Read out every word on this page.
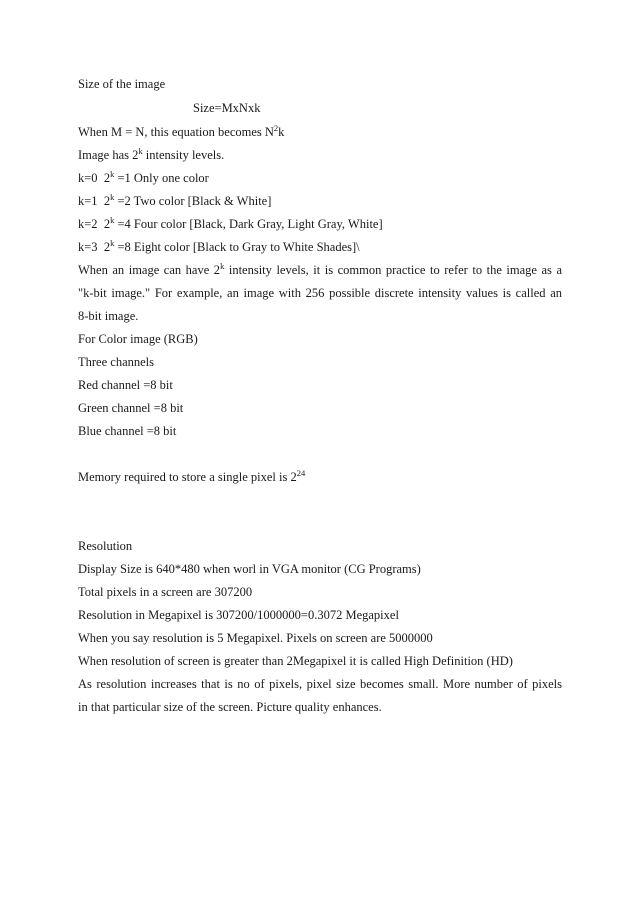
Size of the image
Size=MxNxk
When M = N, this equation becomes $N^2k$
Image has 2$^k$ intensity levels.
k=0 $2^k =1$ Only one color
k=1 $2^k =2$ Two color [Black & White]
k=2 $2^k =4$ Four color [Black, Dark Gray, Light Gray, White]
k=3 $2^k =8$ Eight color [Black to Gray to White Shades]\
When an image can have 2$^k$ intensity levels, it is common practice to refer to the image as a
"k-bit image." For example, an image with 256 possible discrete intensity values is called an
8-bit image.
For Color image (RGB)
Three channels
Red channel =8 bit
Green channel =8 bit
Blue channel =8 bit
Memory required to store a single pixel is $2^{24}$
Resolution
Display Size is 640*480 when worl in VGA monitor (CG Programs)
Total pixels in a screen are 307200
Resolution in Megapixel is 307200/1000000=0.3072 Megapixel
When you say resolution is 5 Megapixel. Pixels on screen are 5000000
When resolution of screen is greater than 2Megapixel it is called High Definition (HD)
As resolution increases that is no of pixels, pixel size becomes small. More number of pixels
in that particular size of the screen. Picture quality enhances.
